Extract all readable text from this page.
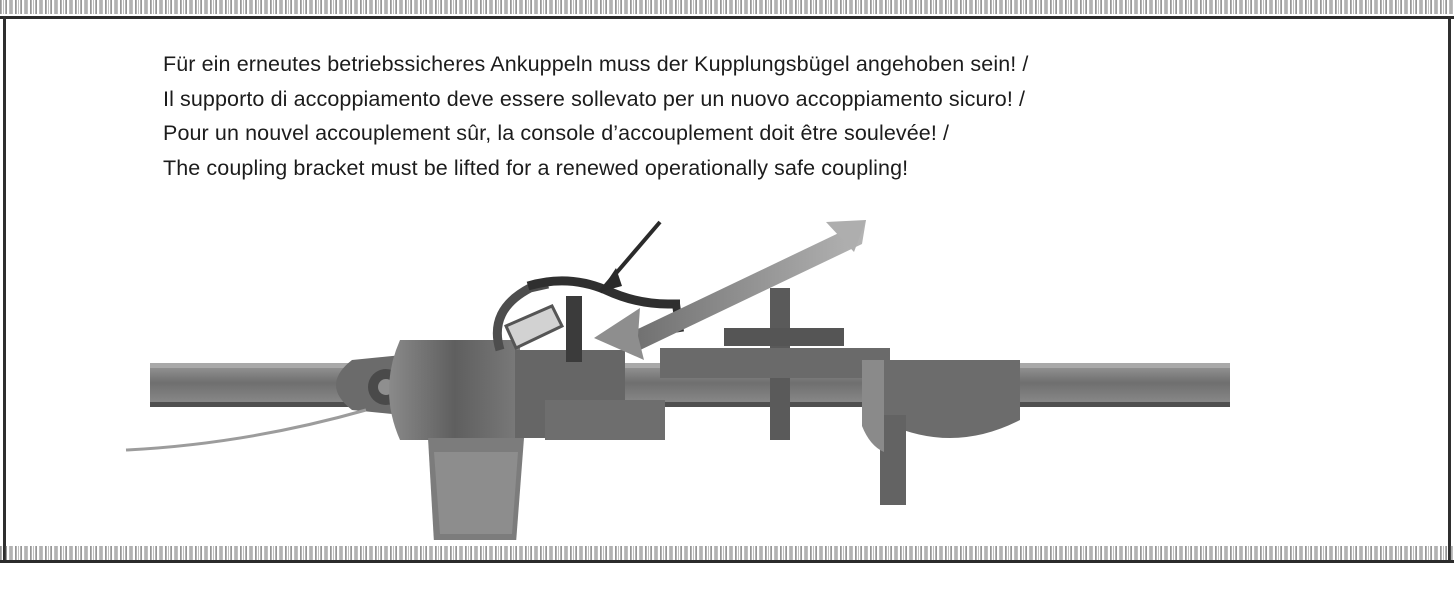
Für ein erneutes betriebssicheres Ankuppeln muss der Kupplungsbügel angehoben sein! /

Il supporto di accoppiamento deve essere sollevato per un nuovo accoppiamento sicuro! /

Pour un nouvel accouplement sûr, la console d’accouplement doit être soulevée! /

The coupling bracket must be lifted for a renewed operationally safe coupling!
